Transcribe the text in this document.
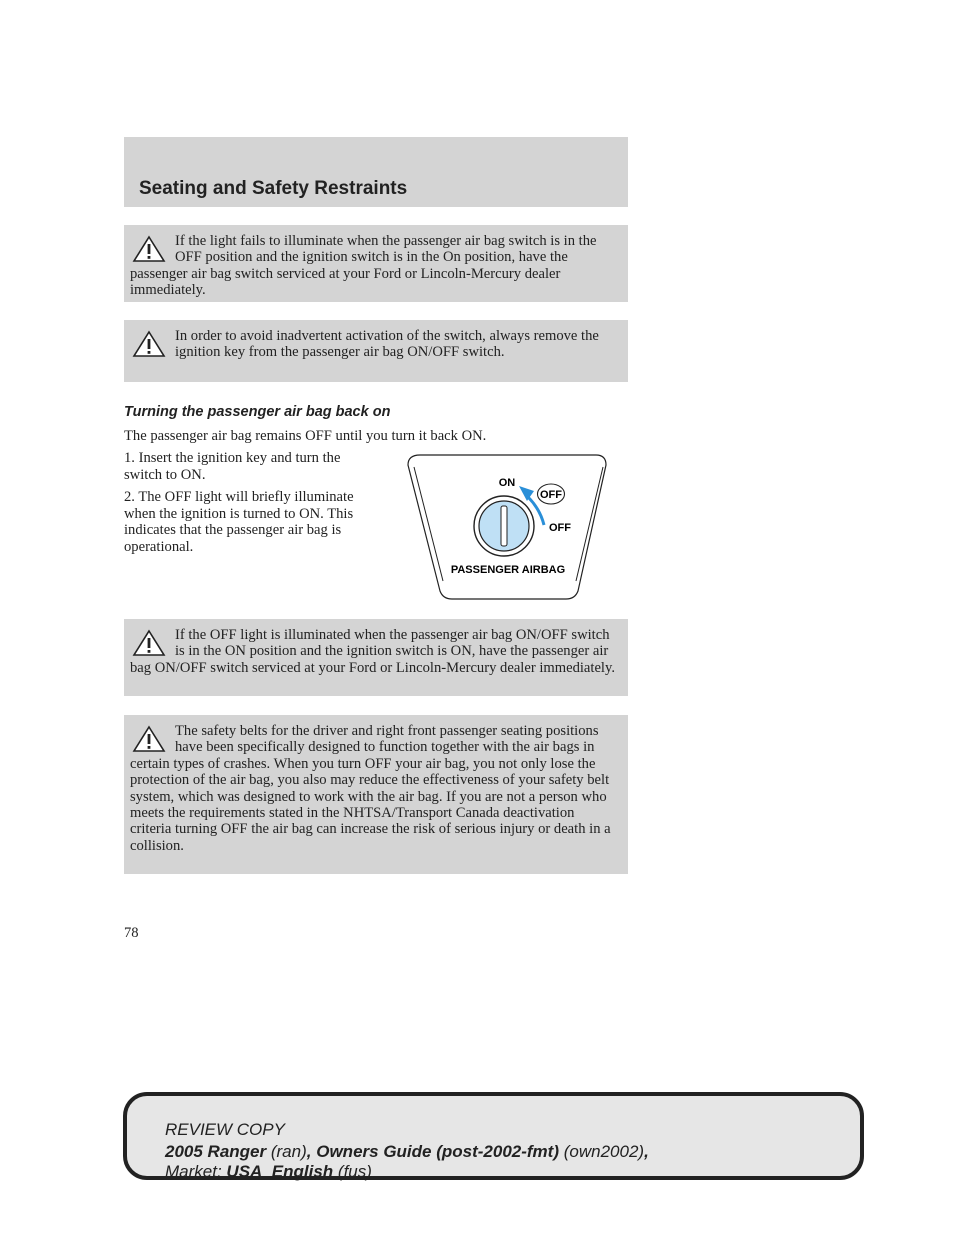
Seating and Safety Restraints
If the light fails to illuminate when the passenger air bag switch is in the OFF position and the ignition switch is in the On position, have the passenger air bag switch serviced at your Ford or Lincoln-Mercury dealer immediately.
In order to avoid inadvertent activation of the switch, always remove the ignition key from the passenger air bag ON/OFF switch.
Turning the passenger air bag back on
The passenger air bag remains OFF until you turn it back ON.
1. Insert the ignition key and turn the switch to ON.
2. The OFF light will briefly illuminate when the ignition is turned to ON. This indicates that the passenger air bag is operational.
ON
OFF
OFF
PASSENGER AIRBAG
If the OFF light is illuminated when the passenger air bag ON/OFF switch is in the ON position and the ignition switch is ON, have the passenger air bag ON/OFF switch serviced at your Ford or Lincoln-Mercury dealer immediately.
The safety belts for the driver and right front passenger seating positions have been specifically designed to function together with the air bags in certain types of crashes. When you turn OFF your air bag, you not only lose the protection of the air bag, you also may reduce the effectiveness of your safety belt system, which was designed to work with the air bag. If you are not a person who meets the requirements stated in the NHTSA/Transport Canada deactivation criteria turning OFF the air bag can increase the risk of serious injury or death in a collision.
78
REVIEW COPY
2005 Ranger (ran), Owners Guide (post-2002-fmt) (own2002),
Market: USA_English (fus)
